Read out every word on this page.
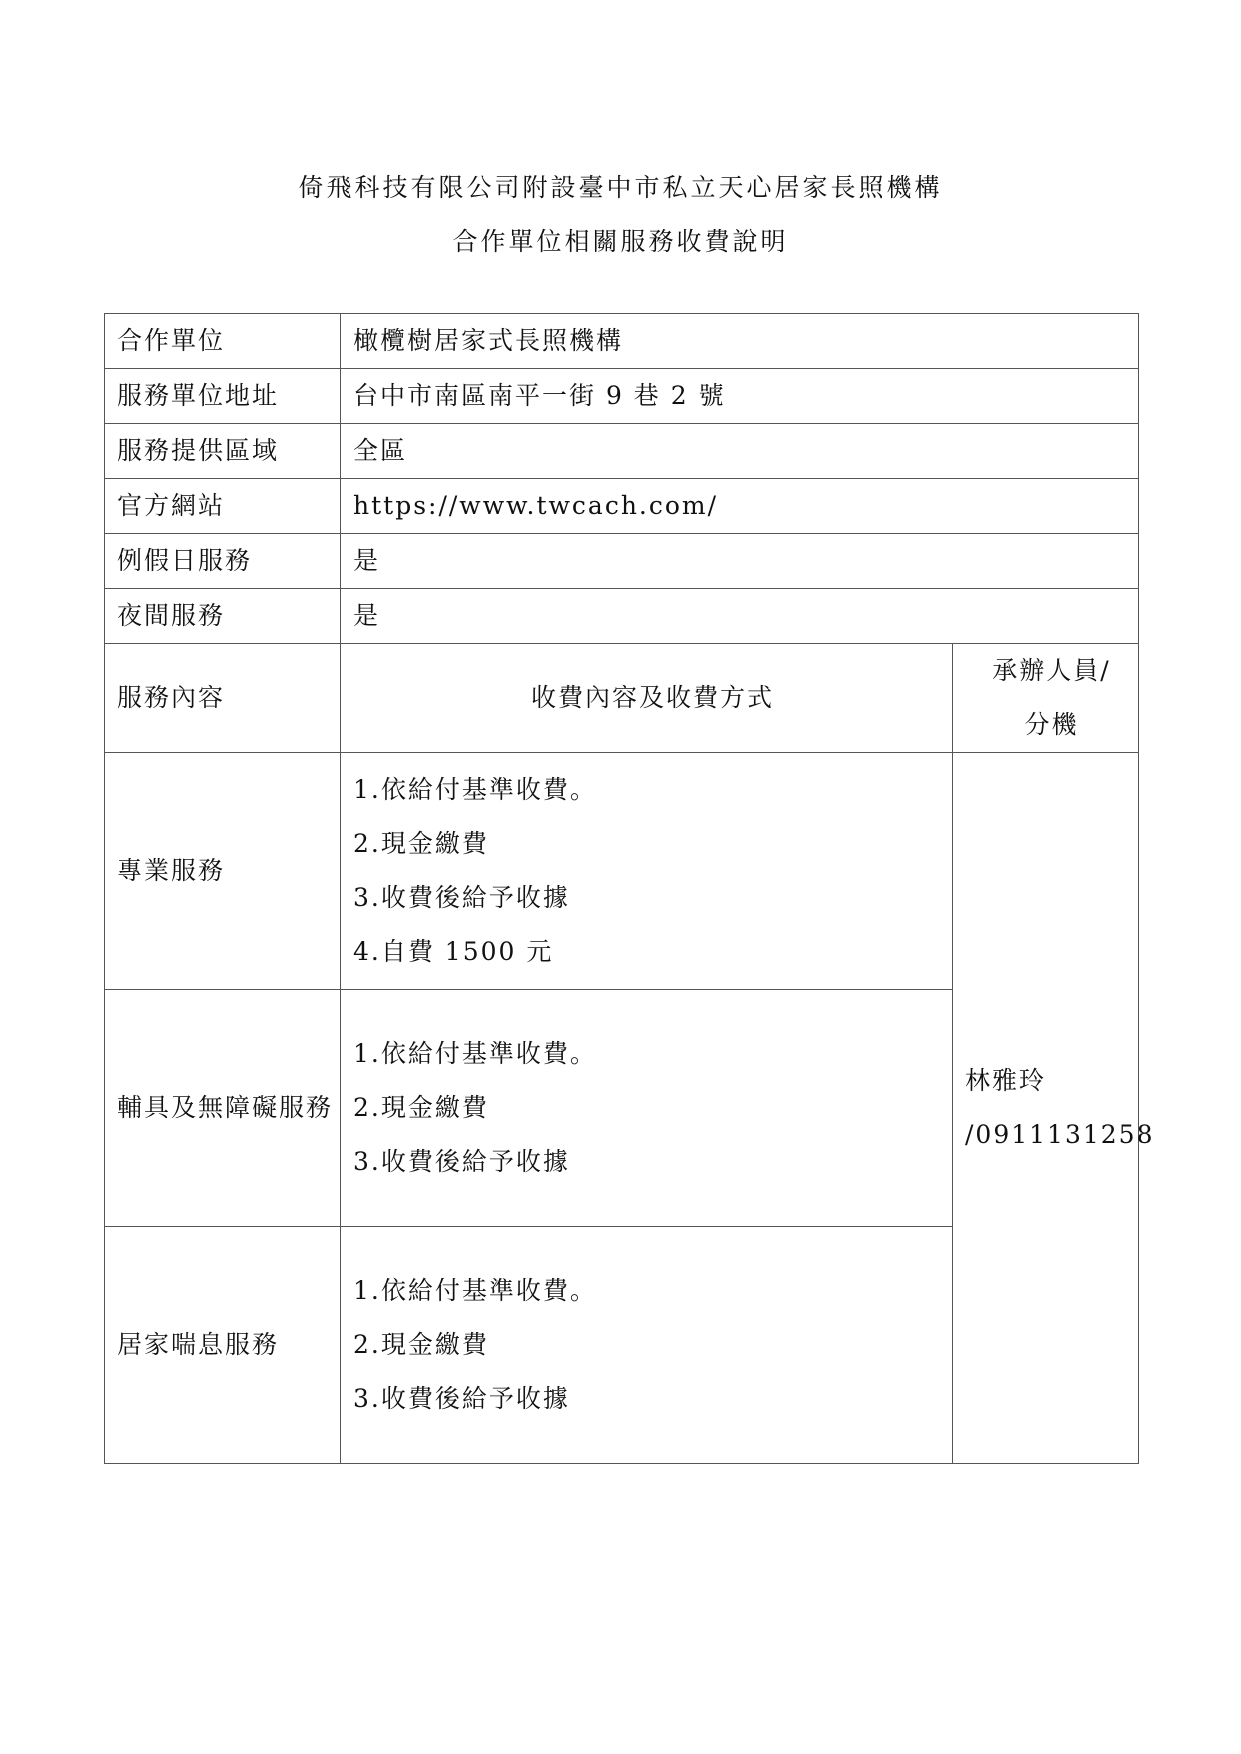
倚飛科技有限公司附設臺中市私立天心居家長照機構
合作單位相關服務收費說明
合作單位	橄欖樹居家式長照機構	
服務單位地址	台中市南區南平一街 9 巷 2 號	
服務提供區域	全區	
官方網站	https://www.twcach.com/	
例假日服務	是	
夜間服務	是	
服務內容	收費內容及收費方式	承辦人員/
分機

專業服務	1.依給付基準收費。
2.現金繳費
3.收費後給予收據
4.自費 1500 元	林雅玲
/0911131258

輔具及無障礙服務	1.依給付基準收費。
2.現金繳費
3.收費後給予收據	

居家喘息服務	1.依給付基準收費。
2.現金繳費
3.收費後給予收據	
